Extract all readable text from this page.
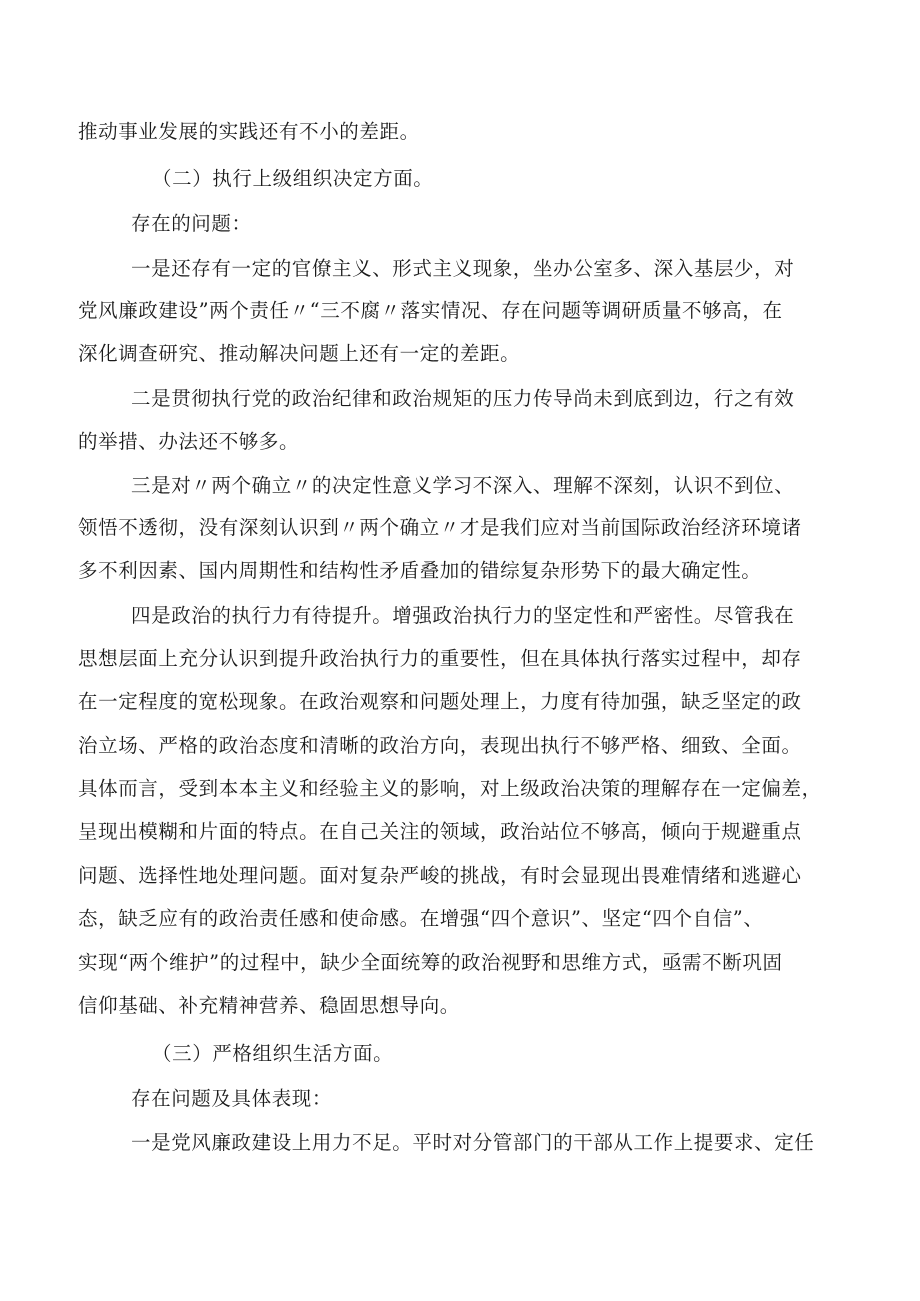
推动事业发展的实践还有不小的差距。

（二）执行上级组织决定方面。

存在的问题：

一是还存有一定的官僚主义、形式主义现象，坐办公室多、深入基层少，对

党风廉政建设”两个责任〃“三不腐〃落实情况、存在问题等调研质量不够高，在

深化调查研究、推动解决问题上还有一定的差距。

二是贯彻执行党的政治纪律和政治规矩的压力传导尚未到底到边，行之有效

的举措、办法还不够多。

三是对〃两个确立〃的决定性意义学习不深入、理解不深刻，认识不到位、

领悟不透彻，没有深刻认识到〃两个确立〃才是我们应对当前国际政治经济环境诸

多不利因素、国内周期性和结构性矛盾叠加的错综复杂形势下的最大确定性。

四是政治的执行力有待提升。增强政治执行力的坚定性和严密性。尽管我在

思想层面上充分认识到提升政治执行力的重要性，但在具体执行落实过程中，却存

在一定程度的宽松现象。在政治观察和问题处理上，力度有待加强，缺乏坚定的政

治立场、严格的政治态度和清晰的政治方向，表现出执行不够严格、细致、全面。

具体而言，受到本本主义和经验主义的影响，对上级政治决策的理解存在一定偏差，

呈现出模糊和片面的特点。在自己关注的领域，政治站位不够高，倾向于规避重点

问题、选择性地处理问题。面对复杂严峻的挑战，有时会显现出畏难情绪和逃避心

态，缺乏应有的政治责任感和使命感。在增强“四个意识”、坚定“四个自信”、

实现“两个维护”的过程中，缺少全面统筹的政治视野和思维方式，亟需不断巩固

信仰基础、补充精神营养、稳固思想导向。

（三）严格组织生活方面。

存在问题及具体表现：

一是党风廉政建设上用力不足。平时对分管部门的干部从工作上提要求、定任
